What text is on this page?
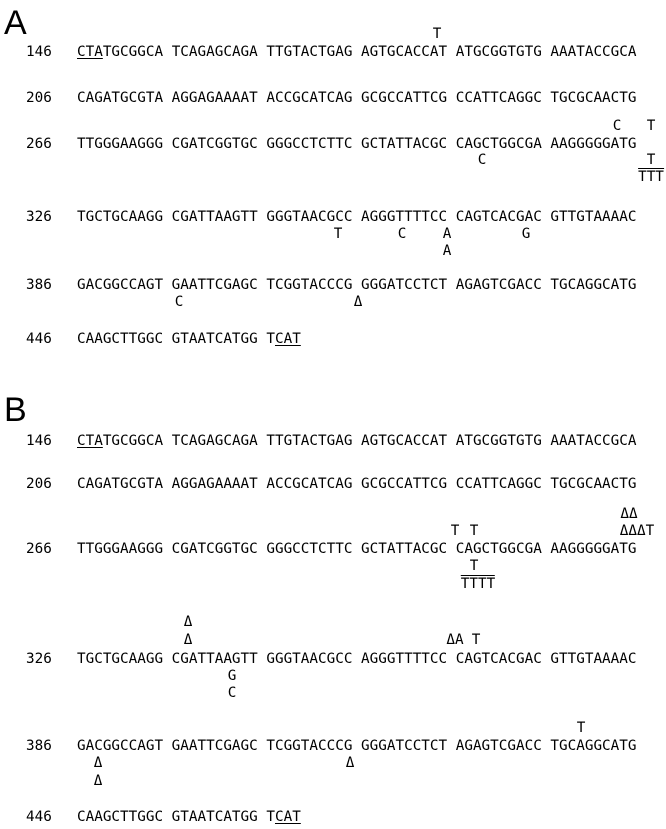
A
146 CTATGCGGCA TCAGAGCAGA TTGTACTGAG AGTGCACCAT ATGCGGTGTG AAATACCGCA
206 CAGATGCGTA AGGAGAAAAT ACCGCATCAG GCGCCATTCG CCATTCAGGC TGCGCAACTG
266 TTGGGAAGGG CGATCGGTGC GGGCCTCTTC GCTATTACGC CAGCTGGCGA AAGGGGGATG
326 TGCTGCAAGG CGATTAAGTT GGGTAACGCC AGGGTTTTCC CAGTCACGAC GTTGTAAAAC
386 GACGGCCAGT GAATTCGAGC TCGGTACCCG GGGATCCTCT AGAGTCGACC TGCAGGCATG
446 CAAGCTTGGC GTAATCATGG TCAT
T
C T
C	T
TTT
T	C	A
A
G
C	Δ
B
146 CTATGCGGCA TCAGAGCAGA TTGTACTGAG AGTGCACCAT ATGCGGTGTG AAATACCGCA
206 CAGATGCGTA AGGAGAAAAT ACCGCATCAG GCGCCATTCG CCATTCAGGC TGCGCAACTG
266 TTGGGAAGGG CGATCGGTGC GGGCCTCTTC GCTATTACGC CAGCTGGCGA AAGGGGGATG
326 TGCTGCAAGG CGATTAAGTT GGGTAACGCC AGGGTTTTCC CAGTCACGAC GTTGTAAAAC
386 GACGGCCAGT GAATTCGAGC TCGGTACCCG GGGATCCTCT AGAGTCGACC TGCAGGCATG
446 CAAGCTTGGC GTAATCATGG TCAT
T T
T
TTTT
ΔΔ
ΔΔΔT
Δ
Δ
G
C
ΔA T
Δ
Δ
Δ
T
